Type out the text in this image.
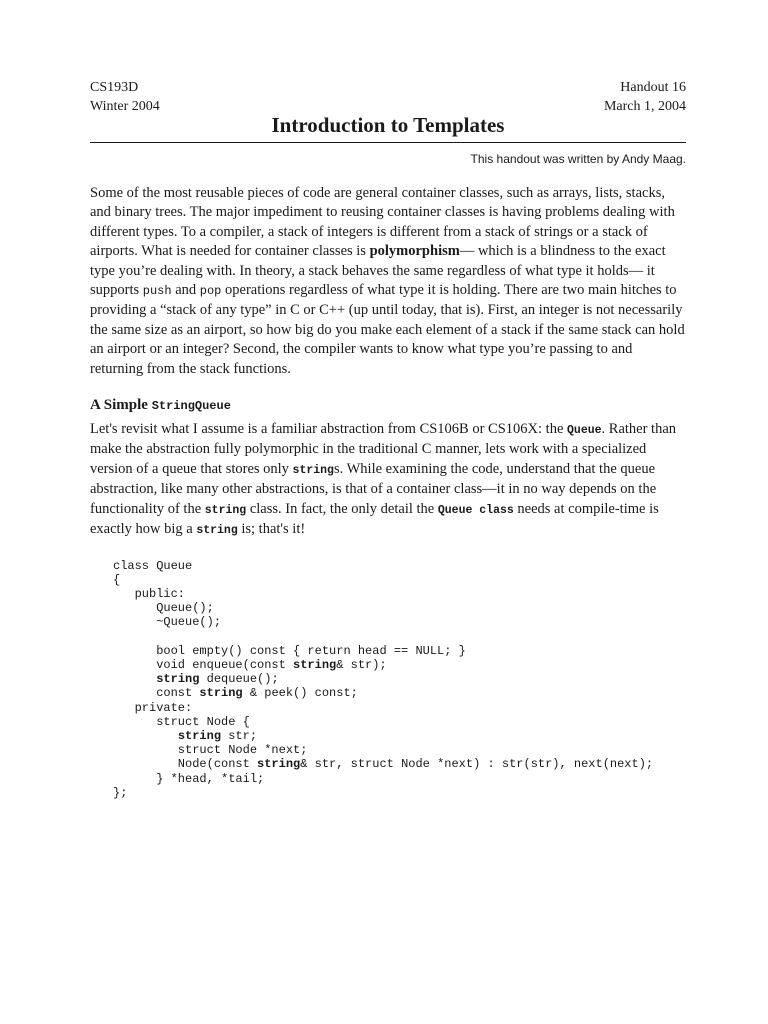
CS193D	Handout 16
Winter 2004	March 1, 2004
Introduction to Templates
This handout was written by Andy Maag.

Some of the most reusable pieces of code are general container classes, such as arrays, lists, stacks, and binary trees. The major impediment to reusing container classes is having problems dealing with different types. To a compiler, a stack of integers is different from a stack of strings or a stack of airports. What is needed for container classes is polymorphism— which is a blindness to the exact type you’re dealing with. In theory, a stack behaves the same regardless of what type it holds— it supports push and pop operations regardless of what type it is holding. There are two main hitches to providing a “stack of any type” in C or C++ (up until today, that is). First, an integer is not necessarily the same size as an airport, so how big do you make each element of a stack if the same stack can hold an airport or an integer? Second, the compiler wants to know what type you’re passing to and returning from the stack functions.

A Simple StringQueue

Let's revisit what I assume is a familiar abstraction from CS106B or CS106X: the Queue. Rather than make the abstraction fully polymorphic in the traditional C manner, lets work with a specialized version of a queue that stores only strings. While examining the code, understand that the queue abstraction, like many other abstractions, is that of a container class—it in no way depends on the functionality of the string class. In fact, the only detail the Queue class needs at compile-time is exactly how big a string is; that's it!

class Queue
{
public:
Queue();
~Queue();
bool empty() const { return head == NULL; }
void enqueue(const string& str);
string dequeue();
const string & peek() const;
private:
struct Node {
string str;
struct Node *next;
Node(const string& str, struct Node *next) : str(str), next(next);
} *head, *tail;
};
